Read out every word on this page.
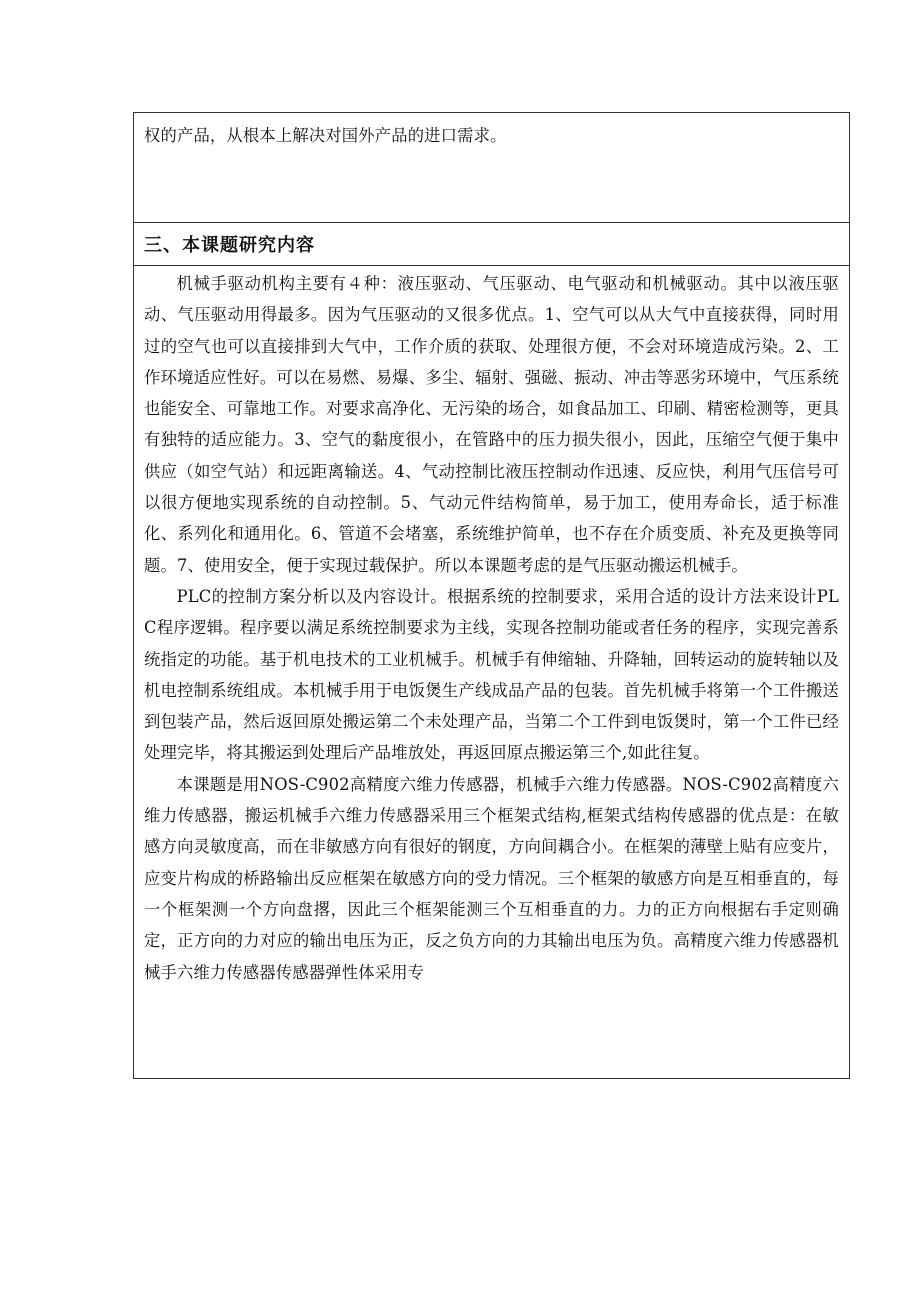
权的产品，从根本上解决对国外产品的进口需求。

三、本课题研究内容

机械手驱动机构主要有４种：液压驱动、气压驱动、电气驱动和机械驱动。其中以液压驱动、气压驱动用得最多。因为气压驱动的又很多优点。1、空气可以从大气中直接获得，同时用过的空气也可以直接排到大气中，工作介质的获取、处理很方便，不会对环境造成污染。2、工作环境适应性好。可以在易燃、易爆、多尘、辐射、强磁、振动、冲击等恶劣环境中，气压系统也能安全、可靠地工作。对要求高净化、无污染的场合，如食品加工、印刷、精密检测等，更具有独特的适应能力。3、空气的黏度很小，在管路中的压力损失很小，因此，压缩空气便于集中供应（如空气站）和远距离输送。4、气动控制比液压控制动作迅速、反应快，利用气压信号可以很方便地实现系统的自动控制。5、气动元件结构简单，易于加工，使用寿命长，适于标准化、系列化和通用化。6、管道不会堵塞，系统维护简单，也不存在介质变质、补充及更换等同题。7、使用安全，便于实现过载保护。所以本课题考虑的是气压驱动搬运机械手。

PLC的控制方案分析以及内容设计。根据系统的控制要求，采用合适的设计方法来设计PLC程序逻辑。程序要以满足系统控制要求为主线，实现各控制功能或者任务的程序，实现完善系统指定的功能。基于机电技术的工业机械手。机械手有伸缩轴、升降轴，回转运动的旋转轴以及机电控制系统组成。本机械手用于电饭煲生产线成品产品的包装。首先机械手将第一个工件搬送到包装产品，然后返回原处搬运第二个未处理产品，当第二个工件到电饭煲时，第一个工件已经处理完毕，将其搬运到处理后产品堆放处，再返回原点搬运第三个,如此往复。

本课题是用NOS-C902高精度六维力传感器，机械手六维力传感器。NOS-C902高精度六维力传感器，搬运机械手六维力传感器采用三个框架式结构,框架式结构传感器的优点是：在敏感方向灵敏度高，而在非敏感方向有很好的钢度，方向间耦合小。在框架的薄壁上贴有应变片，应变片构成的桥路输出反应框架在敏感方向的受力情况。三个框架的敏感方向是互相垂直的，每一个框架测一个方向盘撂，因此三个框架能测三个互相垂直的力。力的正方向根据右手定则确定，正方向的力对应的输出电压为正，反之负方向的力其输出电压为负。高精度六维力传感器机械手六维力传感器传感器弹性体采用专
